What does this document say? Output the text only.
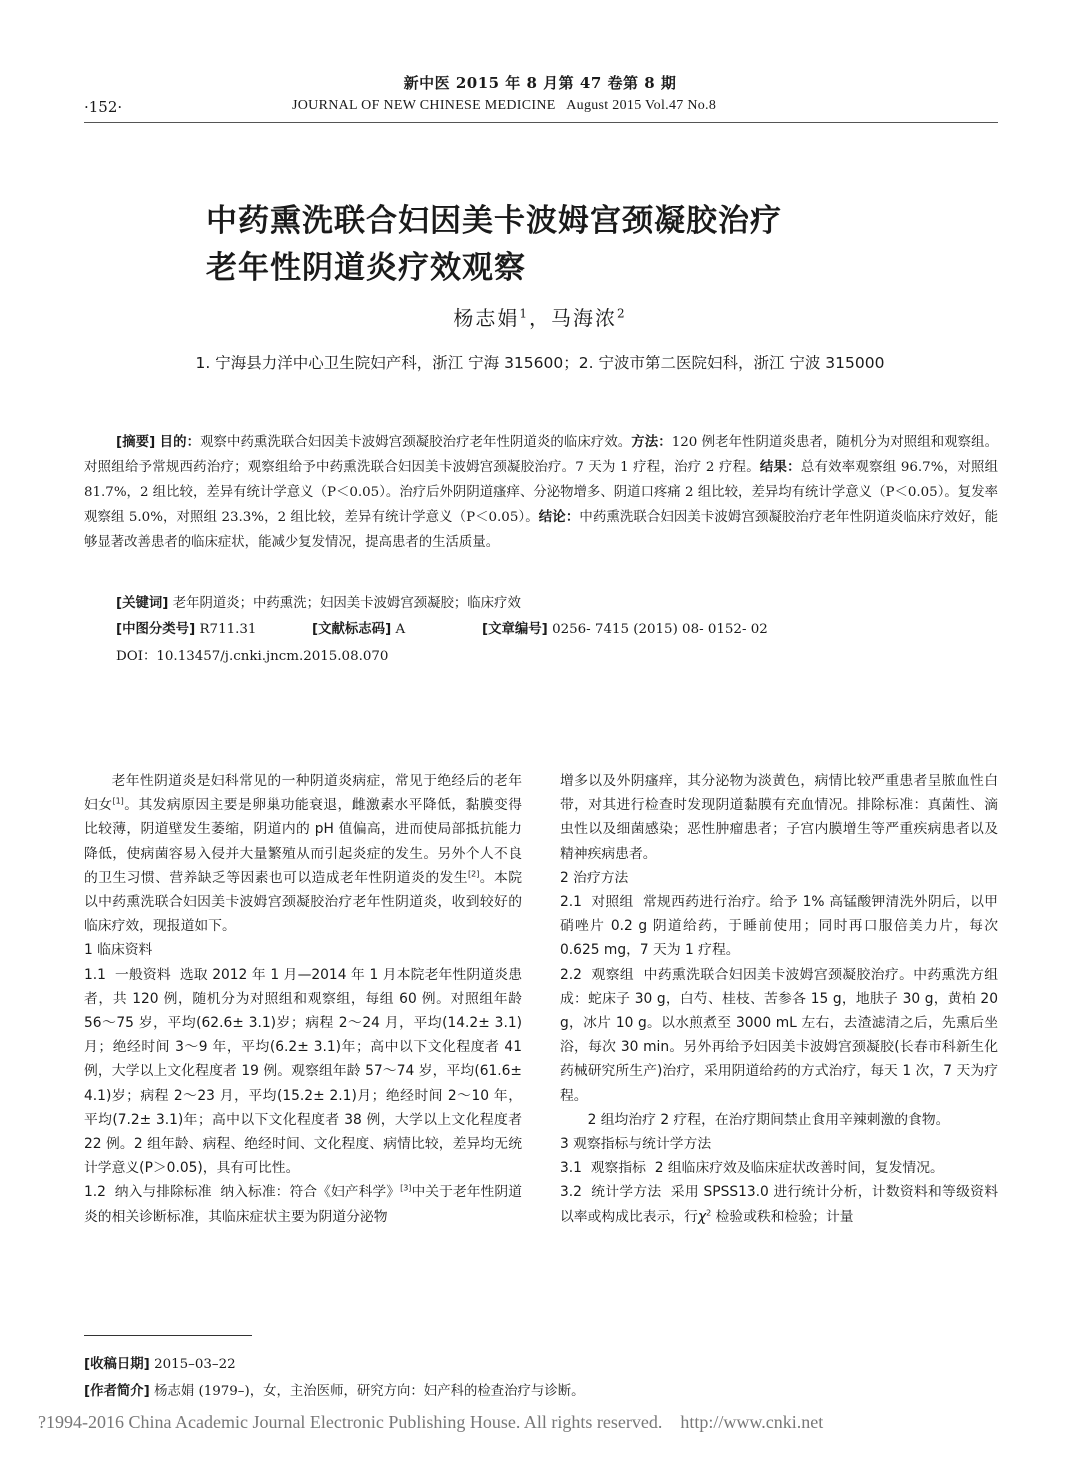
新中医 2015 年 8 月第 47 卷第 8 期
·152·	JOURNAL OF NEW CHINESE MEDICINE   August 2015 Vol.47 No.8
中药熏洗联合妇因美卡波姆宫颈凝胶治疗
老年性阴道炎疗效观察
杨志娟$^1$，马海浓$^2$
1. 宁海县力洋中心卫生院妇产科，浙江 宁海 315600；2. 宁波市第二医院妇科，浙江 宁波 315000

[摘要] 目的：观察中药熏洗联合妇因美卡波姆宫颈凝胶治疗老年性阴道炎的临床疗效。方法：120 例老年性阴道炎患者，随机分为对照组和观察组。对照组给予常规西药治疗；观察组给予中药熏洗联合妇因美卡波姆宫颈凝胶治疗。7 天为 1 疗程，治疗 2 疗程。结果：总有效率观察组 96.7%，对照组 81.7%，2 组比较，差异有统计学意义（P＜0.05）。治疗后外阴阴道瘙痒、分泌物增多、阴道口疼痛 2 组比较，差异均有统计学意义（P＜0.05）。复发率观察组 5.0%，对照组 23.3%，2 组比较，差异有统计学意义（P＜0.05）。结论：中药熏洗联合妇因美卡波姆宫颈凝胶治疗老年性阴道炎临床疗效好，能够显著改善患者的临床症状，能减少复发情况，提高患者的生活质量。

[关键词] 老年阴道炎；中药熏洗；妇因美卡波姆宫颈凝胶；临床疗效
[中图分类号] R711.31	[文献标志码] A	[文章编号] 0256- 7415 (2015) 08- 0152- 02
DOI：10.13457/j.cnki.jncm.2015.08.070

老年性阴道炎是妇科常见的一种阴道炎病症，常见于绝经后的老年妇女[1]。其发病原因主要是卵巢功能衰退，雌激素水平降低，黏膜变得比较薄，阴道壁发生萎缩，阴道内的 pH 值偏高，进而使局部抵抗能力降低，使病菌容易入侵并大量繁殖从而引起炎症的发生。另外个人不良的卫生习惯、营养缺乏等因素也可以造成老年性阴道炎的发生[2]。本院以中药熏洗联合妇因美卡波姆宫颈凝胶治疗老年性阴道炎，收到较好的临床疗效，现报道如下。

1 临床资料

1.1 一般资料 选取 2012 年 1 月—2014 年 1 月本院老年性阴道炎患者，共 120 例，随机分为对照组和观察组，每组 60 例。对照组年龄 56～75 岁，平均(62.6± 3.1)岁；病程 2～24 月，平均(14.2± 3.1)月；绝经时间 3～9 年，平均(6.2± 3.1)年；高中以下文化程度者 41 例，大学以上文化程度者 19 例。观察组年龄 57～74 岁，平均(61.6± 4.1)岁；病程 2～23 月，平均(15.2± 2.1)月；绝经时间 2～10 年，平均(7.2± 3.1)年；高中以下文化程度者 38 例，大学以上文化程度者 22 例。2 组年龄、病程、绝经时间、文化程度、病情比较，差异均无统计学意义(P＞0.05)，具有可比性。

1.2 纳入与排除标准 纳入标准：符合《妇产科学》[3]中关于老年性阴道炎的相关诊断标准，其临床症状主要为阴道分泌物

增多以及外阴瘙痒，其分泌物为淡黄色，病情比较严重患者呈脓血性白带，对其进行检查时发现阴道黏膜有充血情况。排除标准：真菌性、滴虫性以及细菌感染；恶性肿瘤患者；子宫内膜增生等严重疾病患者以及精神疾病患者。

2 治疗方法

2.1 对照组 常规西药进行治疗。给予 1% 高锰酸钾清洗外阴后，以甲硝唑片 0.2 g 阴道给药，于睡前使用；同时再口服倍美力片，每次 0.625 mg，7 天为 1 疗程。

2.2 观察组 中药熏洗联合妇因美卡波姆宫颈凝胶治疗。中药熏洗方组成：蛇床子 30 g，白芍、桂枝、苦参各 15 g，地肤子 30 g，黄柏 20 g，冰片 10 g。以水煎煮至 3000 mL 左右，去渣滤清之后，先熏后坐浴，每次 30 min。另外再给予妇因美卡波姆宫颈凝胶(长春市科新生化药械研究所生产)治疗，采用阴道给药的方式治疗，每天 1 次，7 天为疗程。

2 组均治疗 2 疗程，在治疗期间禁止食用辛辣刺激的食物。

3 观察指标与统计学方法

3.1 观察指标 2 组临床疗效及临床症状改善时间，复发情况。

3.2 统计学方法 采用 SPSS13.0 进行统计分析，计数资料和等级资料以率或构成比表示，行$\chi^2$ 检验或秩和检验；计量

[收稿日期] 2015–03–22
[作者简介] 杨志娟 (1979–)，女，主治医师，研究方向：妇产科的检查治疗与诊断。
?1994-2016 China Academic Journal Electronic Publishing House. All rights reserved.    http://www.cnki.net
